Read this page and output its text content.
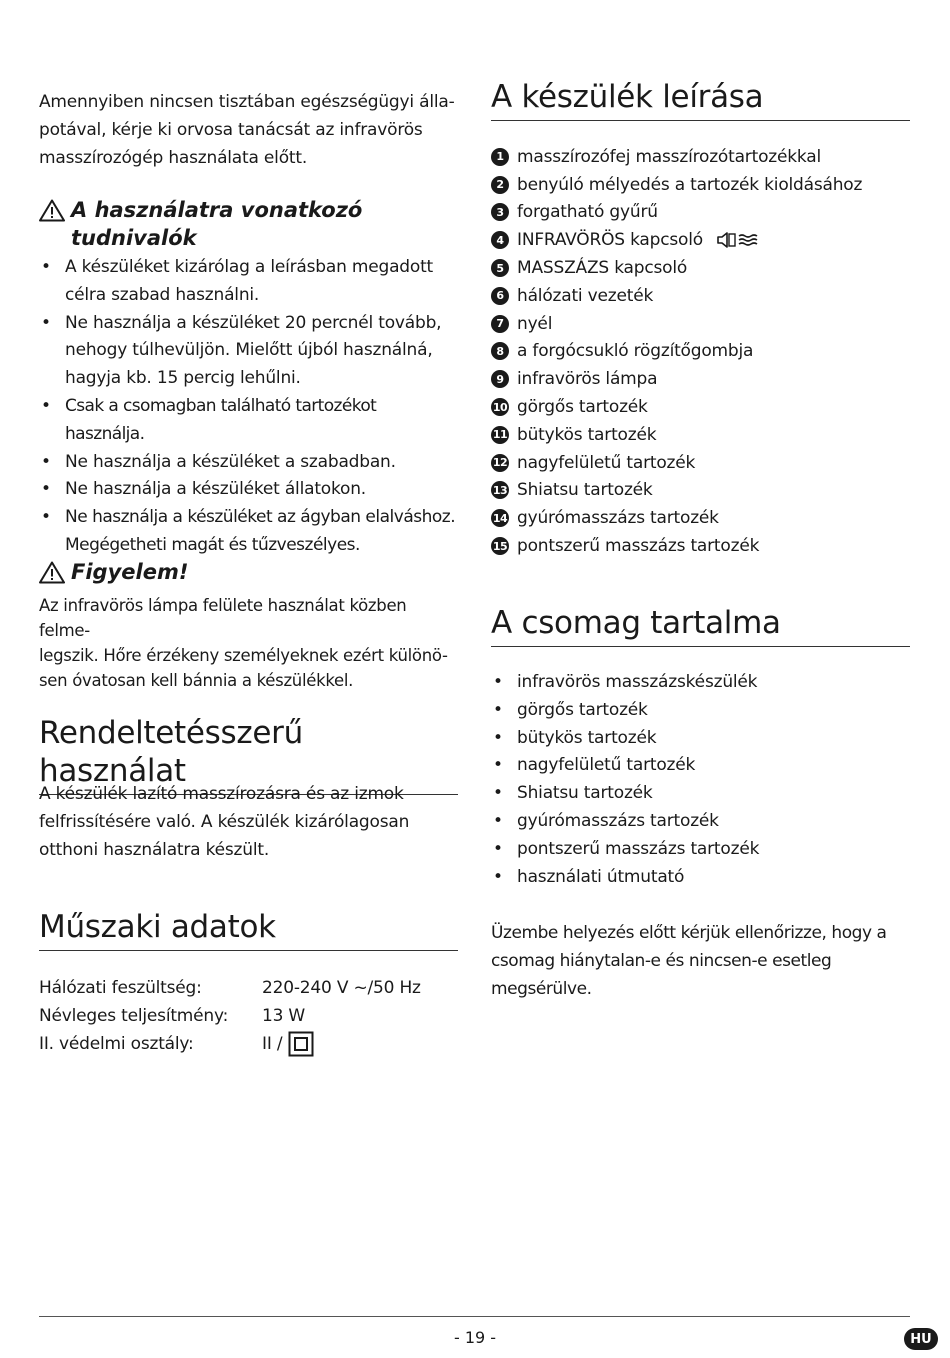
Amennyiben nincsen tisztában egészségügyi álla-
potával, kérje ki orvosa tanácsát az infravörös
masszírozógép használata előtt.

A használatra vonatkozó
tudnivalók
• A készüléket kizárólag a leírásban megadott
célra szabad használni.
• Ne használja a készüléket 20 percnél tovább,
nehogy túlhevüljön. Mielőtt újból használná,
hagyja kb. 15 percig lehűlni.
• Csak a csomagban található tartozékot használja.
• Ne használja a készüléket a szabadban.
• Ne használja a készüléket állatokon.
• Ne használja a készüléket az ágyban elalváshoz.
Megégetheti magát és tűzveszélyes.
Figyelem!

Az infravörös lámpa felülete használat közben felme-
legszik. Hőre érzékeny személyeknek ezért különö-
sen óvatosan kell bánnia a készülékkel.

Rendeltetésszerű használat

A készülék lazító masszírozásra és az izmok
felfrissítésére való. A készülék kizárólagosan
otthoni használatra készült.

Műszaki adatok
Hálózati feszültség:	220-240 V ~/50 Hz
Névleges teljesítmény:	13 W
II. védelmi osztály:	II /
A készülék leírása
1 masszírozófej masszírozótartozékkal
2 benyúló mélyedés a tartozék kioldásához
3 forgatható gyűrű
4 INFRAVÖRÖS kapcsoló
5 MASSZÁZS kapcsoló
6 hálózati vezeték
7 nyél
8 a forgócsukló rögzítőgombja
9 infravörös lámpa
10 görgős tartozék
11 bütykös tartozék
12 nagyfelületű tartozék
13 Shiatsu tartozék
14 gyúrómasszázs tartozék
15 pontszerű masszázs tartozék
A csomag tartalma
• infravörös masszázskészülék
• görgős tartozék
• bütykös tartozék
• nagyfelületű tartozék
• Shiatsu tartozék
• gyúrómasszázs tartozék
• pontszerű masszázs tartozék
• használati útmutató

Üzembe helyezés előtt kérjük ellenőrizze, hogy a
csomag hiánytalan-e és nincsen-e esetleg megsérülve.

- 19 -	HU
